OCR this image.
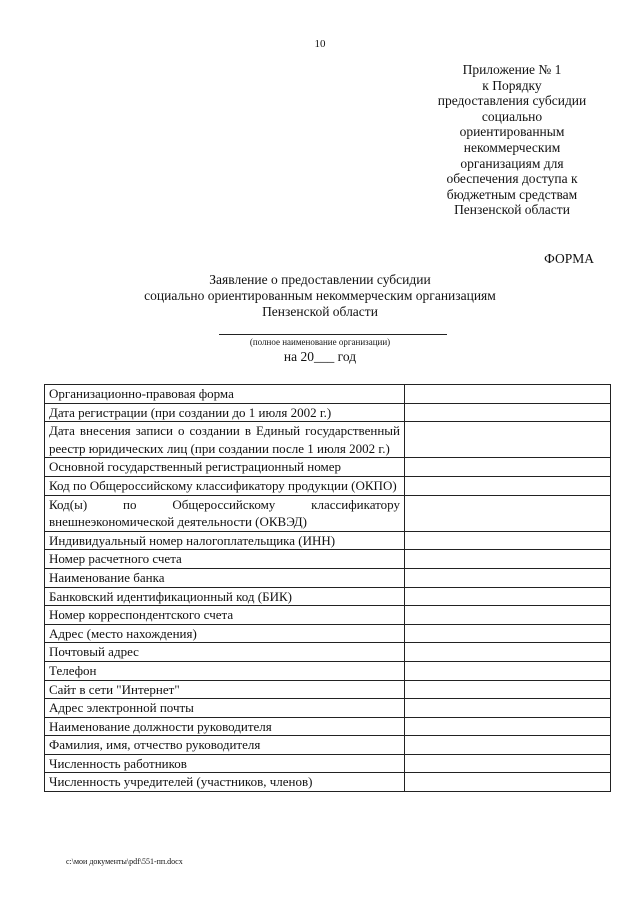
10
Приложение № 1
к Порядку
предоставления субсидии
социально
ориентированным
некоммерческим
организациям для
обеспечения доступа к
бюджетным средствам
Пензенской области
ФОРМА
Заявление о предоставлении субсидии
социально ориентированным некоммерческим организациям
Пензенской области
(полное наименование организации)
на 20___ год
Организационно-правовая форма	
Дата регистрации (при создании до 1 июля 2002 г.)	
Дата внесения записи о создании в Единый государственный реестр юридических лиц (при создании после 1 июля 2002 г.)	
Основной государственный регистрационный номер	
Код по Общероссийскому классификатору продукции (ОКПО)	
Код(ы) по Общероссийскому классификатору внешнеэкономической деятельности (ОКВЭД)	
Индивидуальный номер налогоплательщика (ИНН)	
Номер расчетного счета	
Наименование банка	
Банковский идентификационный код (БИК)	
Номер корреспондентского счета	
Адрес (место нахождения)	
Почтовый адрес	
Телефон	
Сайт в сети "Интернет"	
Адрес электронной почты	
Наименование должности руководителя	
Фамилия, имя, отчество руководителя	
Численность работников	
Численность учредителей (участников, членов)	
c:\мои документы\pdf\551-пп.docx
